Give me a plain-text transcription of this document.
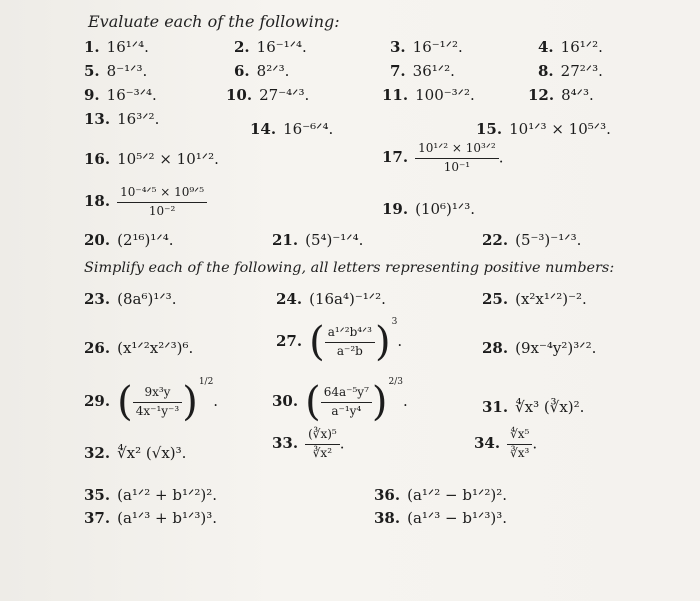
Evaluate each of the following:
1. 16¹ᐟ⁴.	2. 16⁻¹ᐟ⁴.	3. 16⁻¹ᐟ².	4. 16¹ᐟ².
5. 8⁻¹ᐟ³.	6. 8²ᐟ³.	7. 36¹ᐟ².	8. 27²ᐟ³.
9. 16⁻³ᐟ⁴.	10. 27⁻⁴ᐟ³.	11. 100⁻³ᐟ².	12. 8⁴ᐟ³.
13. 16³ᐟ².
14. 16⁻⁶ᐟ⁴.	15. 10¹ᐟ³ × 10⁵ᐟ³.
16. 10⁵ᐟ² × 10¹ᐟ².	17. $\frac{\text{10¹ᐟ² × 10³ᐟ²}}{\text{10⁻¹}}$ .
18. $\frac{\text{10⁻⁴ᐟ⁵ × 10⁹ᐟ⁵}}{\text{10⁻²}}$	19. (10⁶)¹ᐟ³.
20. (2¹⁶)¹ᐟ⁴.	21. (5⁴)⁻¹ᐟ⁴.	22. (5⁻³)⁻¹ᐟ³.
Simplify each of the following, all letters representing positive numbers:
23. (8a⁶)¹ᐟ³.	24. (16a⁴)⁻¹ᐟ².	25. (x²x¹ᐟ²)⁻².
26. (x¹ᐟ²x²ᐟ³)⁶.	27. ( $\frac{\text{a¹ᐟ²b⁴ᐟ³}}{\text{a⁻²b}} )^3$.	28. (9x⁻⁴y²)³ᐟ².
29. ( $\frac{\text{9x³y}}{\text{4x⁻¹y⁻³}} )^{1/2}$.	30. ( $\frac{\text{64a⁻⁵y⁷}}{\text{a⁻¹y⁴}} )^{2/3}$.	31. ∜x³ (∛x)².
32. ∜x² (√x)³.
33. $\frac{\text{(∛x)⁵}}{\text{∛x²}}$ .	34. $\frac{\text{∜x⁵}}{\text{∛x³}}$ .
35. (a¹ᐟ² + b¹ᐟ²)².	36. (a¹ᐟ² − b¹ᐟ²)².
37. (a¹ᐟ³ + b¹ᐟ³)³.	38. (a¹ᐟ³ − b¹ᐟ³)³.
